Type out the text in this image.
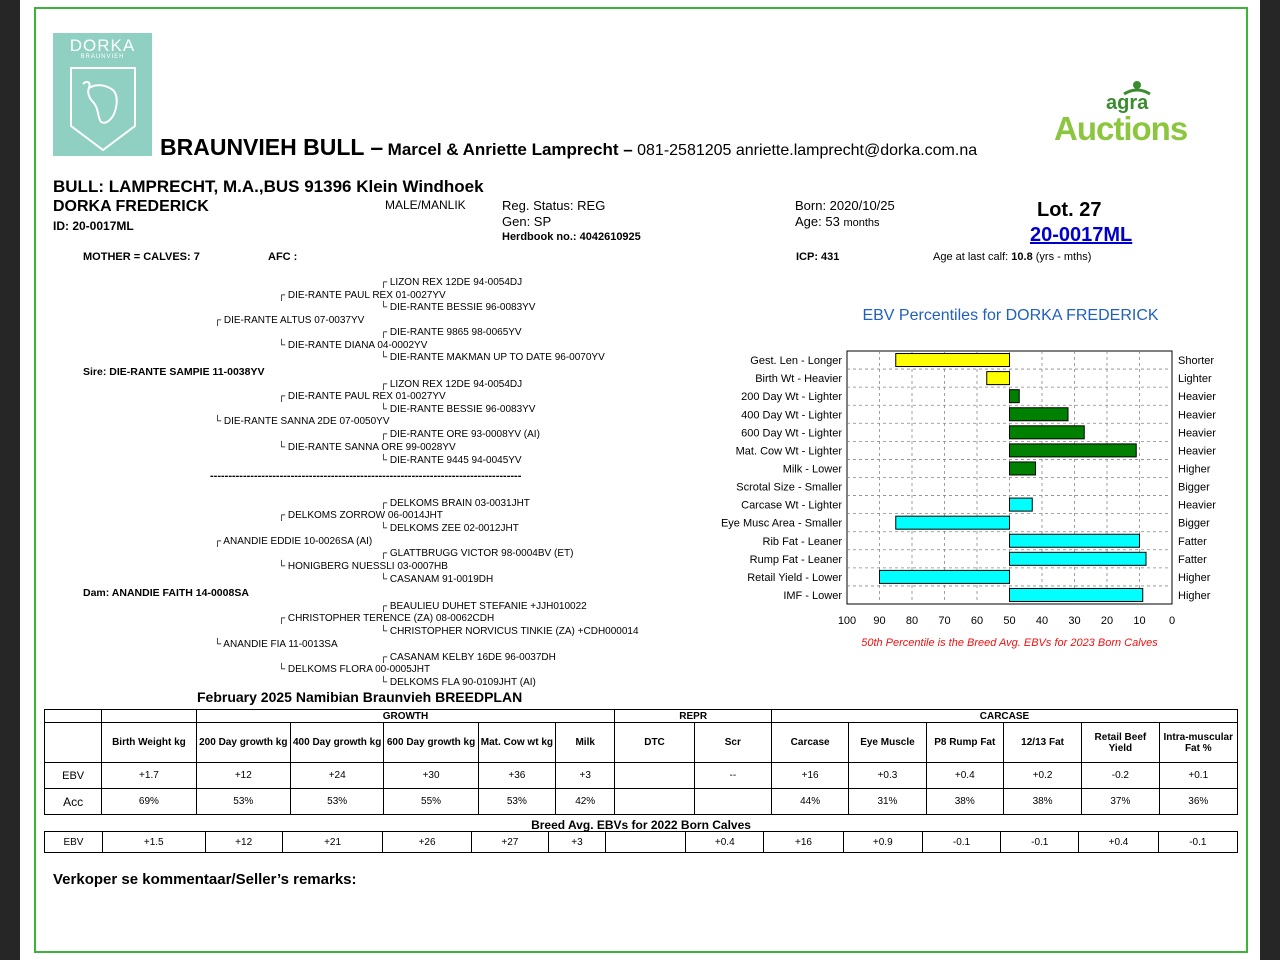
DORKA
BRAUNVIEH
BRAUNVIEH BULL – Marcel & Anriette Lamprecht – 081-2581205 anriette.lamprecht@dorka.com.na
agra
Auctions
BULL: LAMPRECHT, M.A.,BUS 91396 Klein Windhoek
DORKA FREDERICK
ID: 20-0017ML
MALE/MANLIK	Reg. Status: REG
Gen: SP
Herdbook no.: 4042610925
Born: 2020/10/25
Age: 53 months
Lot. 27
20-0017ML
MOTHER = CALVES: 7	AFC :	ICP: 431	Age at last calf: 10.8 (yrs - mths)
┌ LIZON REX 12DE 94-0054DJ
┌ DIE-RANTE PAUL REX 01-0027YV
└ DIE-RANTE BESSIE 96-0083YV
┌ DIE-RANTE ALTUS 07-0037YV
┌ DIE-RANTE 9865 98-0065YV
└ DIE-RANTE DIANA 04-0002YV
└ DIE-RANTE MAKMAN UP TO DATE 96-0070YV
Sire: DIE-RANTE SAMPIE 11-0038YV
┌ LIZON REX 12DE 94-0054DJ
┌ DIE-RANTE PAUL REX 01-0027YV
└ DIE-RANTE BESSIE 96-0083YV
└ DIE-RANTE SANNA 2DE 07-0050YV
┌ DIE-RANTE ORE 93-0008YV (AI)
└ DIE-RANTE SANNA ORE 99-0028YV
└ DIE-RANTE 9445 94-0045YV
-------------------------------------------------------------------------------------
┌ DELKOMS BRAIN 03-0031JHT
┌ DELKOMS ZORROW 06-0014JHT
└ DELKOMS ZEE 02-0012JHT
┌ ANANDIE EDDIE 10-0026SA (AI)
┌ GLATTBRUGG VICTOR 98-0004BV (ET)
└ HONIGBERG NUESSLI 03-0007HB
└ CASANAM 91-0019DH
Dam: ANANDIE FAITH 14-0008SA
┌ BEAULIEU DUHET STEFANIE +JJH010022
┌ CHRISTOPHER TERENCE (ZA) 08-0062CDH
└ CHRISTOPHER NORVICUS TINKIE (ZA) +CDH000014
└ ANANDIE FIA 11-0013SA
┌ CASANAM KELBY 16DE 96-0037DH
└ DELKOMS FLORA 00-0005JHT
└ DELKOMS FLA 90-0109JHT (AI)
EBV Percentiles for DORKA FREDERICK
100 90 80 70 60 50 40 30 20 10 0
Gest. Len - Longer	Shorter
Birth Wt - Heavier	Lighter
200 Day Wt - Lighter	Heavier
400 Day Wt - Lighter	Heavier
600 Day Wt - Lighter	Heavier
Mat. Cow Wt - Lighter	Heavier
Milk - Lower	Higher
Scrotal Size - Smaller	Bigger
Carcase Wt - Lighter	Heavier
Eye Musc Area - Smaller	Bigger
Rib Fat - Leaner	Fatter
Rump Fat - Leaner	Fatter
Retail Yield - Lower	Higher
IMF - Lower	Higher
50th Percentile is the Breed Avg. EBVs for 2023 Born Calves
February 2025 Namibian Braunvieh BREEDPLAN
		GROWTH					REPR		CARCASE					
	Birth Weight kg	200 Day growth kg	400 Day growth kg	600 Day growth kg	Mat. Cow wt kg	Milk	DTC	Scr	Carcase	Eye Muscle	P8 Rump Fat	12/13 Fat	Retail Beef Yield	Intra-muscular Fat %
EBV	+1.7	+12	+24	+30	+36	+3		--	+16	+0.3	+0.4	+0.2	-0.2	+0.1
Acc	69%	53%	53%	55%	53%	42%			44%	31%	38%	38%	37%	36%
Breed Avg. EBVs for 2022 Born Calves
EBV	+1.5	+12	+21	+26	+27	+3		+0.4	+16	+0.9	-0.1	-0.1	+0.4	-0.1
Verkoper se kommentaar/Seller’s remarks:
